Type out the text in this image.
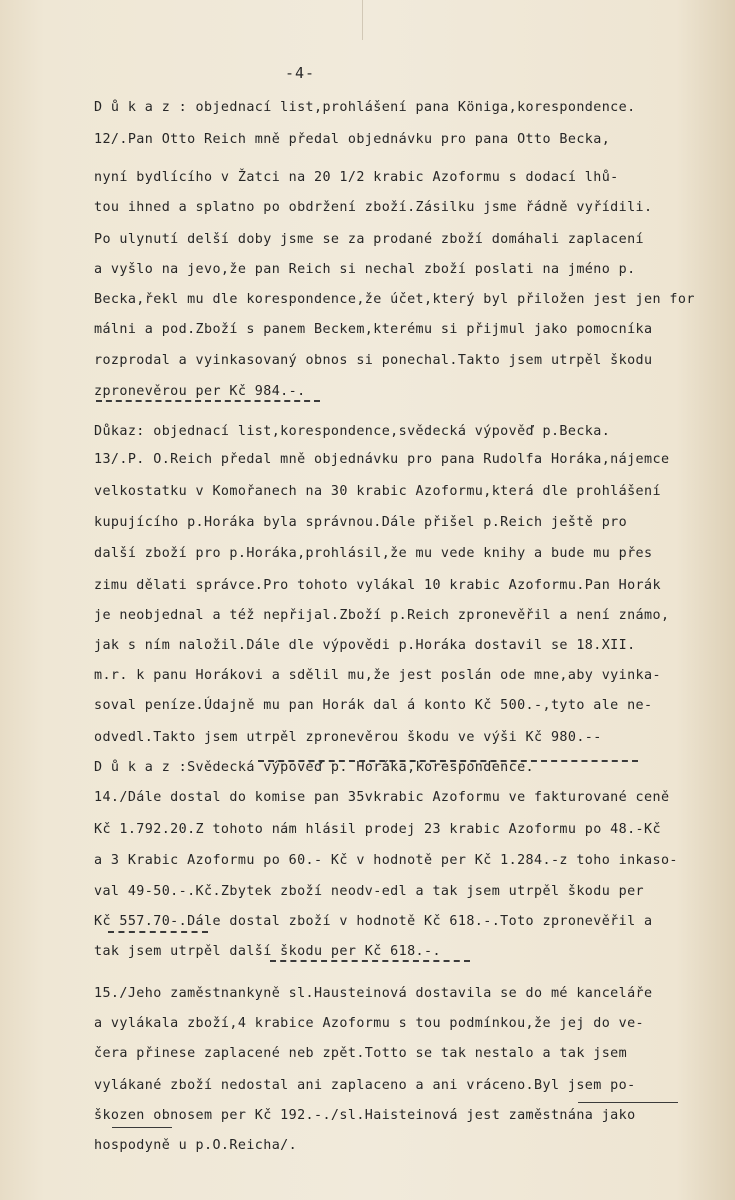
-4-
D ů k a z : objednací list,prohlášení pana Königa,korespondence.
12/.Pan Otto Reich mně předal objednávku pro pana Otto Becka,
nyní bydlícího v Žatci na 20 1/2 krabic Azoformu s dodací lhů-
tou ihned a splatno po obdržení zboží.Zásilku jsme řádně vyřídili.
Po ulynutí delší doby jsme se za prodané zboží domáhali zaplacení
a vyšlo na jevo,že pan Reich si nechal zboží poslati na jméno p.
Becka,řekl mu dle korespondence,že účet,který byl přiložen jest jen for
málni a pod.Zboží s panem Beckem,kterému si přijmul jako pomocníka
rozprodal a vyinkasovaný obnos si ponechal.Takto jsem utrpěl škodu
zpronevěrou per Kč 984.-.
Důkaz: objednací list,korespondence,svědecká výpověď p.Becka.
13/.P. O.Reich předal mně objednávku pro pana Rudolfa Horáka,nájemce
velkostatku v Komořanech na 30 krabic Azoformu,která dle prohlášení
kupujícího p.Horáka byla správnou.Dále přišel p.Reich ještě pro
další zboží pro p.Horáka,prohlásil,že mu vede knihy a bude mu přes
zimu dělati správce.Pro tohoto vylákal 10 krabic Azoformu.Pan Horák
je neobjednal a též nepřijal.Zboží p.Reich zpronevěřil a není známo,
jak s ním naložil.Dále dle výpovědi p.Horáka dostavil se 18.XII.
m.r. k panu Horákovi a sdělil mu,že jest poslán ode mne,aby vyinka-
soval peníze.Údajně mu pan Horák dal á konto Kč 500.-,tyto ale ne-
odvedl.Takto jsem utrpěl zpronevěrou škodu ve výši Kč 980.--
D ů k a z :Svědecká výpověď p. Horáka,korespondence.
14./Dále dostal do komise pan 35vkrabic Azoformu ve fakturované ceně
Kč 1.792.20.Z tohoto nám hlásil prodej 23 krabic Azoformu po 48.-Kč
a 3 Krabic Azoformu po 60.- Kč v hodnotě per Kč 1.284.-z toho inkaso-
val 49-50.-.Kč.Zbytek zboží neodv-edl a tak jsem utrpěl škodu per
Kč 557.70-.Dále dostal zboží v hodnotě Kč 618.-.Toto zpronevěřil a
tak jsem utrpěl další škodu per Kč 618.-.
15./Jeho zaměstnankyně sl.Hausteinová dostavila se do mé kanceláře
a vylákala zboží,4 krabice Azoformu s tou podmínkou,že jej do ve-
čera přinese zaplacené neb zpět.Totto se tak nestalo a tak jsem
vylákané zboží nedostal ani zaplaceno a ani vráceno.Byl jsem po-
škozen obnosem per Kč 192.-./sl.Haisteinová jest zaměstnána jako
hospodyně u p.O.Reicha/.
